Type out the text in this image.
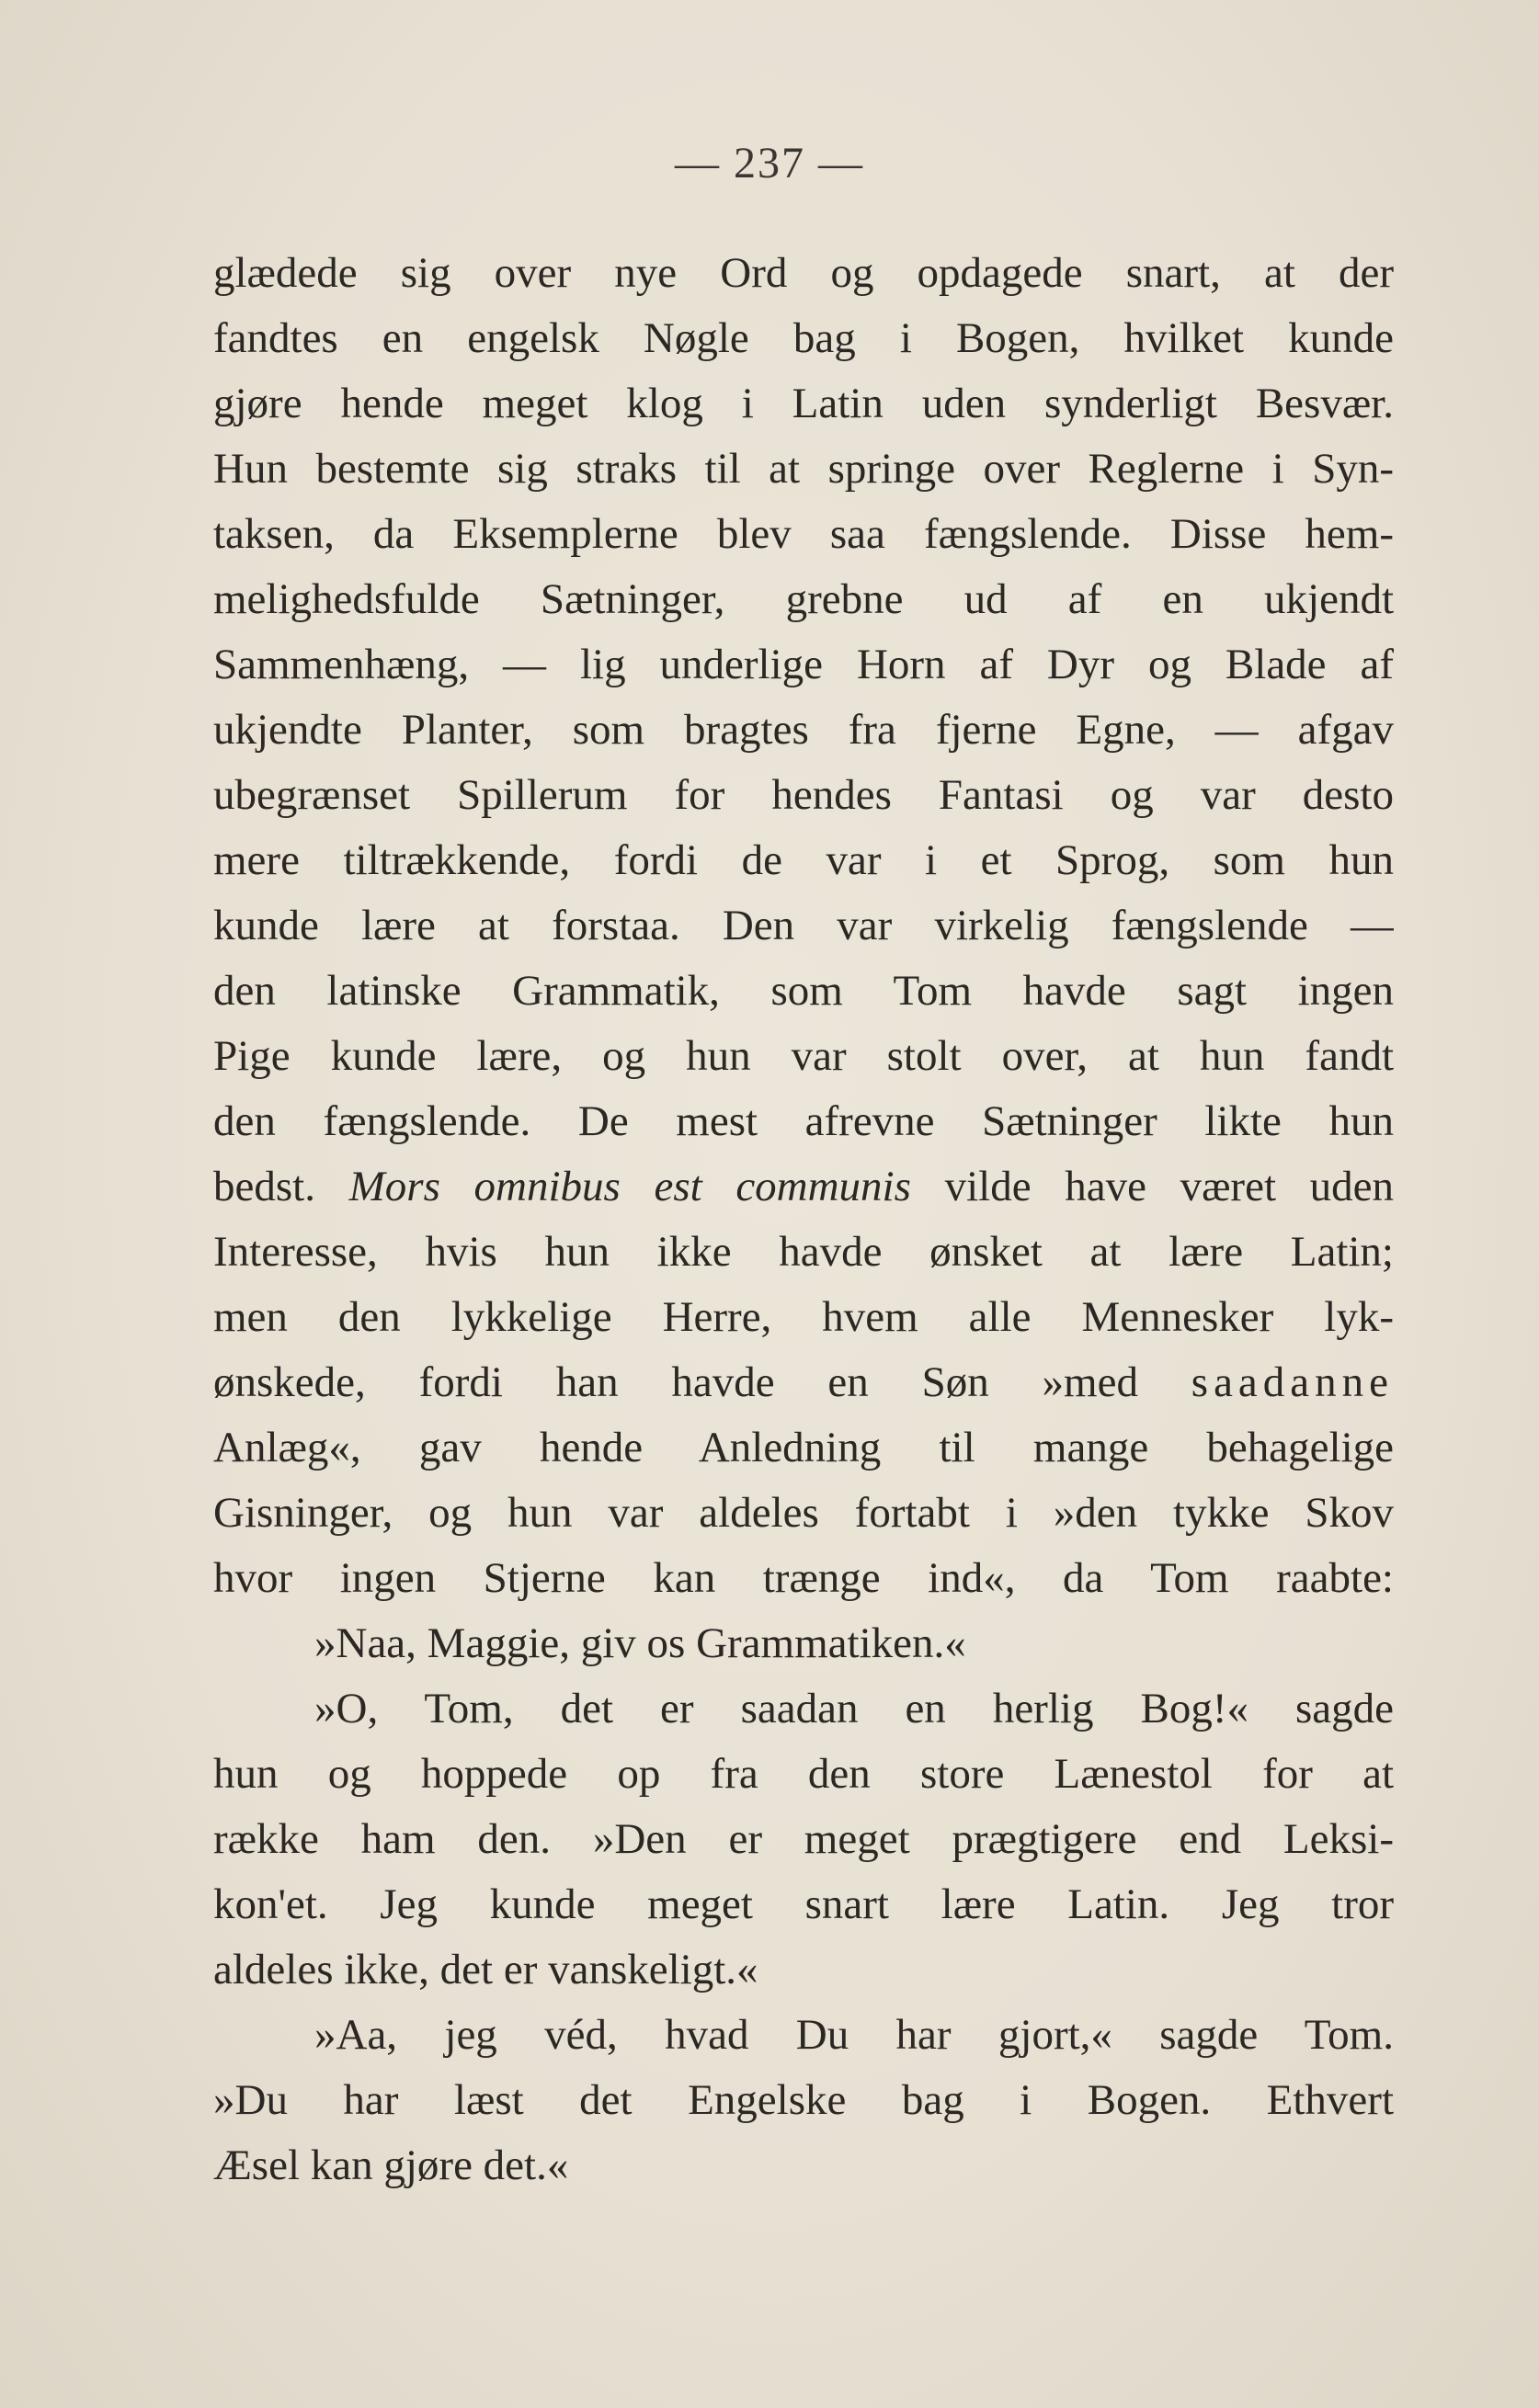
— 237 —
glædede sig over nye Ord og opdagede snart, at der
fandtes en engelsk Nøgle bag i Bogen, hvilket kunde
gjøre hende meget klog i Latin uden synderligt Besvær.
Hun bestemte sig straks til at springe over Reglerne i Syn-
taksen, da Eksemplerne blev saa fængslende. Disse hem-
melighedsfulde Sætninger, grebne ud af en ukjendt
Sammenhæng, — lig underlige Horn af Dyr og Blade af
ukjendte Planter, som bragtes fra fjerne Egne, — afgav
ubegrænset Spillerum for hendes Fantasi og var desto
mere tiltrækkende, fordi de var i et Sprog, som hun
kunde lære at forstaa. Den var virkelig fængslende —
den latinske Grammatik, som Tom havde sagt ingen
Pige kunde lære, og hun var stolt over, at hun fandt
den fængslende. De mest afrevne Sætninger likte hun
bedst. Mors omnibus est communis vilde have været uden
Interesse, hvis hun ikke havde ønsket at lære Latin;
men den lykkelige Herre, hvem alle Mennesker lyk-
ønskede, fordi han havde en Søn »med saadanne
Anlæg«, gav hende Anledning til mange behagelige
Gisninger, og hun var aldeles fortabt i »den tykke Skov
hvor ingen Stjerne kan trænge ind«, da Tom raabte:
»Naa, Maggie, giv os Grammatiken.«
»O, Tom, det er saadan en herlig Bog!« sagde
hun og hoppede op fra den store Lænestol for at
række ham den. »Den er meget prægtigere end Leksi-
kon'et. Jeg kunde meget snart lære Latin. Jeg tror
aldeles ikke, det er vanskeligt.«
»Aa, jeg véd, hvad Du har gjort,« sagde Tom.
»Du har læst det Engelske bag i Bogen. Ethvert
Æsel kan gjøre det.«
